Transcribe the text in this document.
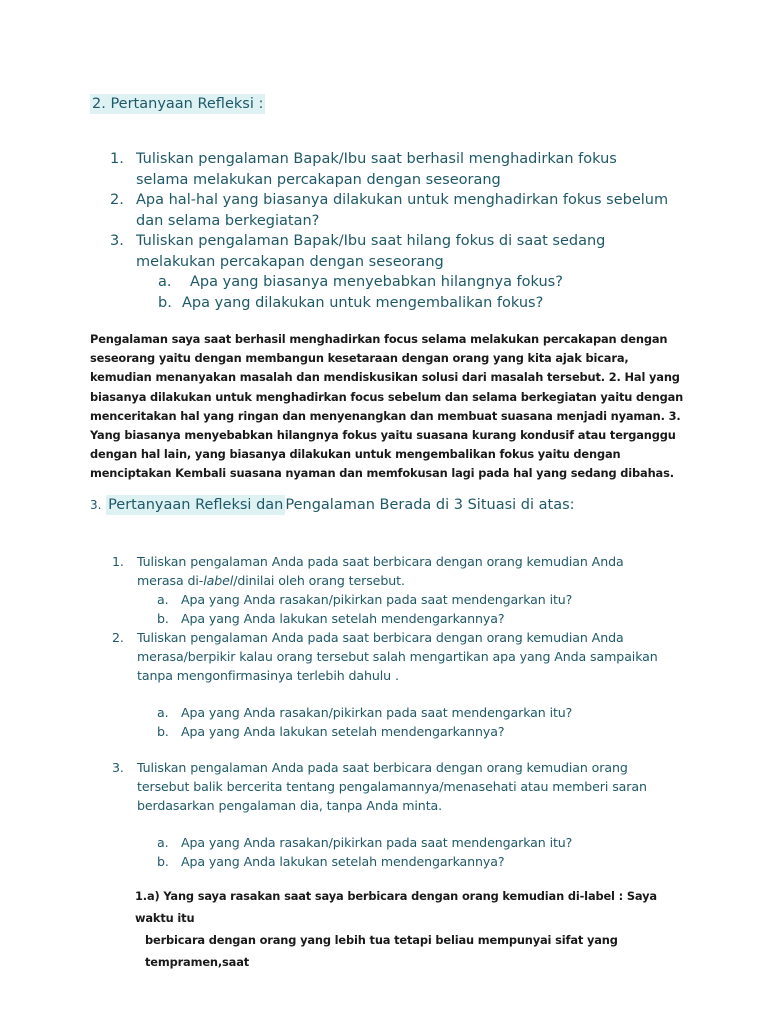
2. Pertanyaan Refleksi :
1. Tuliskan pengalaman Bapak/Ibu saat berhasil menghadirkan fokus selama melakukan percakapan dengan seseorang
2. Apa hal-hal yang biasanya dilakukan untuk menghadirkan fokus sebelum dan selama berkegiatan?
3. Tuliskan pengalaman Bapak/Ibu saat hilang fokus di saat sedang melakukan percakapan dengan seseorang
a.	Apa yang biasanya menyebabkan hilangnya fokus?
b. Apa yang dilakukan untuk mengembalikan fokus?
Pengalaman saya saat berhasil menghadirkan focus selama melakukan percakapan dengan seseorang yaitu dengan membangun kesetaraan dengan orang yang kita ajak bicara, kemudian menanyakan masalah dan mendiskusikan solusi dari masalah tersebut. 2. Hal yang biasanya dilakukan untuk menghadirkan focus sebelum dan selama berkegiatan yaitu dengan menceritakan hal yang ringan dan menyenangkan dan membuat suasana menjadi nyaman. 3. Yang biasanya menyebabkan hilangnya fokus yaitu suasana kurang kondusif atau terganggu dengan hal lain, yang biasanya dilakukan untuk mengembalikan fokus yaitu dengan menciptakan Kembali suasana nyaman dan memfokusan lagi pada hal yang sedang dibahas.
3. Pertanyaan Refleksi dan Pengalaman Berada di 3 Situasi di atas:
1. Tuliskan pengalaman Anda pada saat berbicara dengan orang kemudian Anda merasa di-label/dinilai oleh orang tersebut.
a. Apa yang Anda rasakan/pikirkan pada saat mendengarkan itu?
b. Apa yang Anda lakukan setelah mendengarkannya?
2. Tuliskan pengalaman Anda pada saat berbicara dengan orang kemudian Anda merasa/berpikir kalau orang tersebut salah mengartikan apa yang Anda sampaikan tanpa mengonfirmasinya terlebih dahulu .
a. Apa yang Anda rasakan/pikirkan pada saat mendengarkan itu?
b. Apa yang Anda lakukan setelah mendengarkannya?
3. Tuliskan pengalaman Anda pada saat berbicara dengan orang kemudian orang tersebut balik bercerita tentang pengalamannya/menasehati atau memberi saran berdasarkan pengalaman dia, tanpa Anda minta.
a. Apa yang Anda rasakan/pikirkan pada saat mendengarkan itu?
b. Apa yang Anda lakukan setelah mendengarkannya?
1.a) Yang saya rasakan saat saya berbicara dengan orang kemudian di-label : Saya waktu itu
berbicara dengan orang yang lebih tua tetapi beliau mempunyai sifat yang tempramen,saat
